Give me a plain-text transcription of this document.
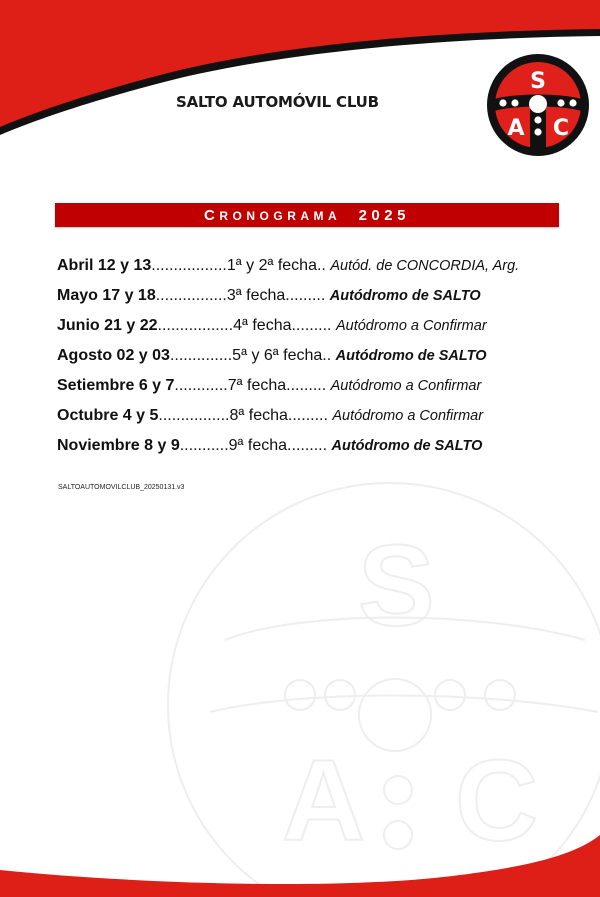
S
A C
SALTO AUTOMÓVIL CLUB
S
A C
CRONOGRAMA 2025
Abril 12 y 13 ................. 1ª y 2ª fecha ..
Autód. de CONCORDIA, Arg.
Mayo 17 y 18 ................ 3ª fecha .........
Autódromo de SALTO
Junio 21 y 22 ................. 4ª fecha .........
Autódromo a Confirmar
Agosto 02 y 03 .............. 5ª y 6ª fecha ..
Autódromo de SALTO
Setiembre 6 y 7 ............ 7ª fecha .........
Autódromo a Confirmar
Octubre 4 y 5 ................ 8ª fecha .........
Autódromo a Confirmar
Noviembre 8 y 9 ........... 9ª fecha .........
Autódromo de SALTO
SALTOAUTOMOVILCLUB_20250131.v3
